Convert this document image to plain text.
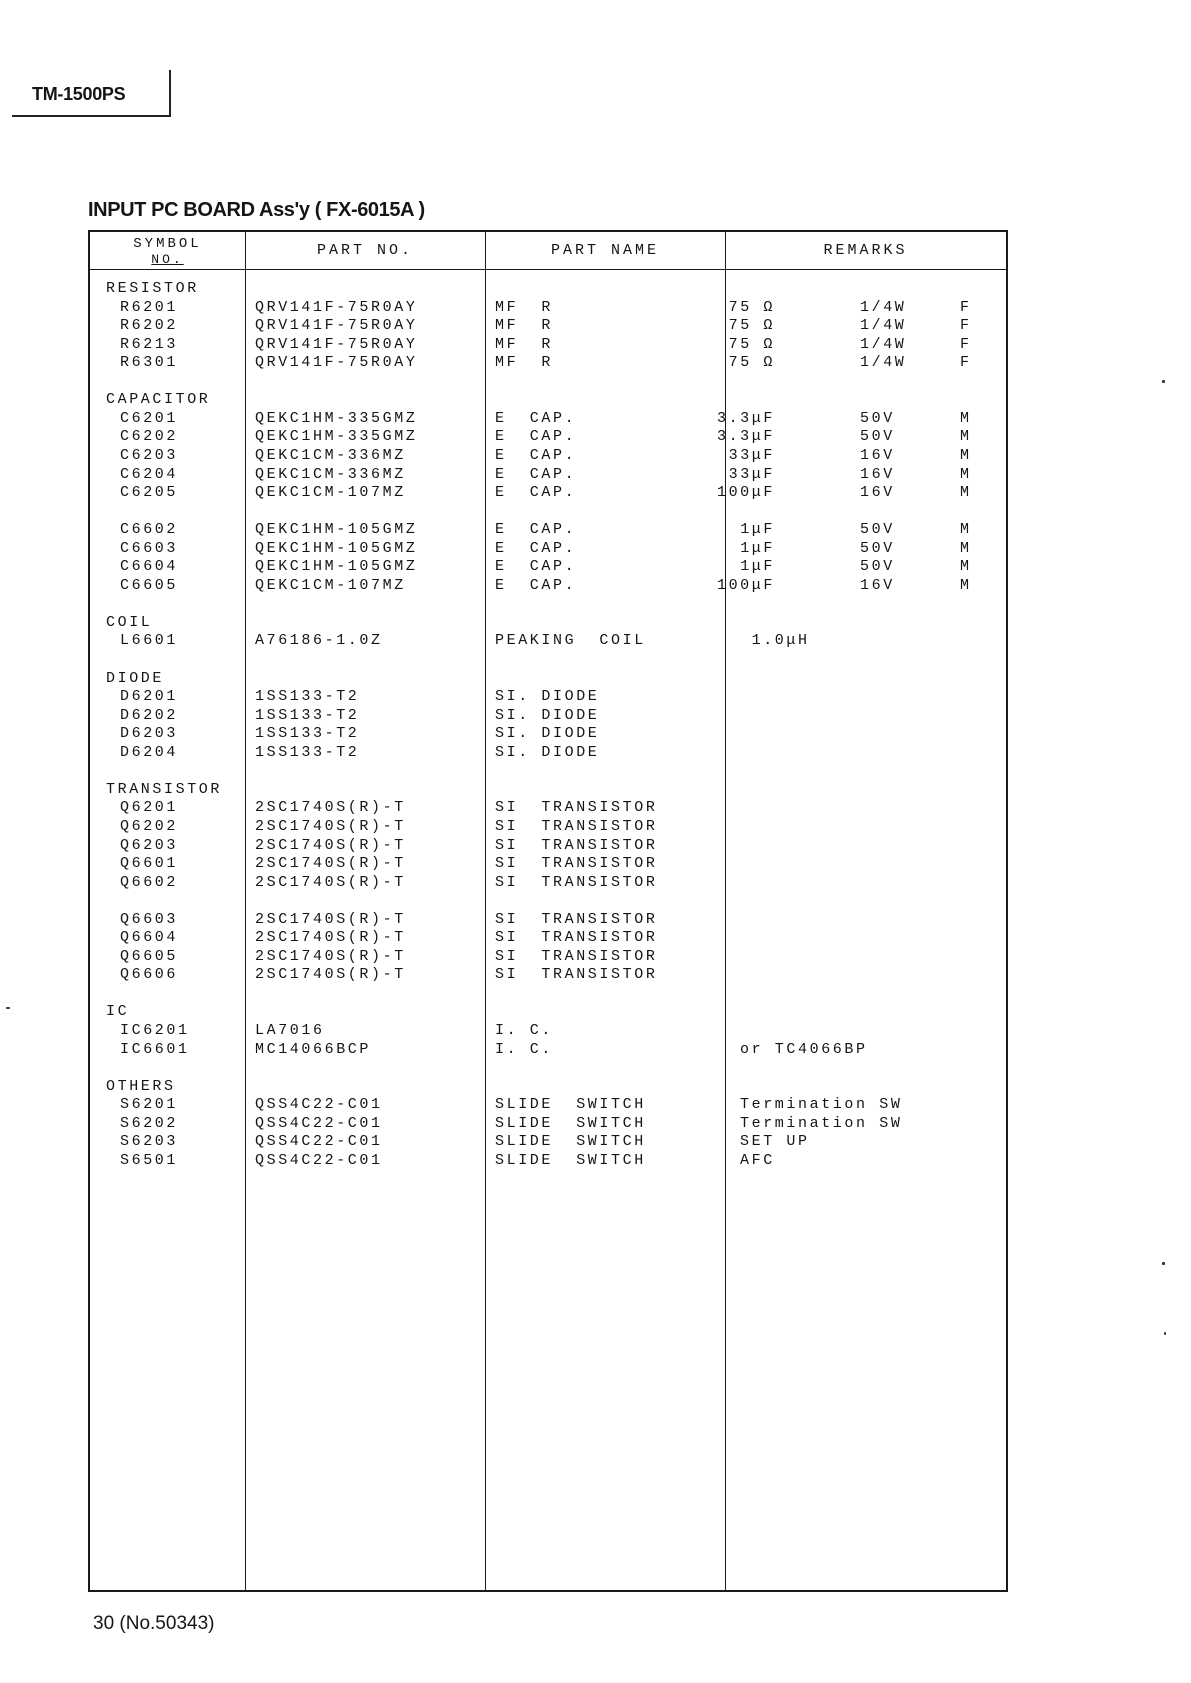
TM-1500PS
INPUT PC BOARD Ass'y ( FX-6015A )
SYMBOL
NO.	PART NO.	PART NAME	REMARKS
RESISTOR
R6201	QRV141F-75R0AY	MF  R	75 Ω	1/4W	F
R6202	QRV141F-75R0AY	MF  R	75 Ω	1/4W	F
R6213	QRV141F-75R0AY	MF  R	75 Ω	1/4W	F
R6301	QRV141F-75R0AY	MF  R	75 Ω	1/4W	F
CAPACITOR
C6201	QEKC1HM-335GMZ	E  CAP.	3.3μF	50V	M
C6202	QEKC1HM-335GMZ	E  CAP.	3.3μF	50V	M
C6203	QEKC1CM-336MZ	E  CAP.	33μF	16V	M
C6204	QEKC1CM-336MZ	E  CAP.	33μF	16V	M
C6205	QEKC1CM-107MZ	E  CAP.	100μF	16V	M
C6602	QEKC1HM-105GMZ	E  CAP.	1μF	50V	M
C6603	QEKC1HM-105GMZ	E  CAP.	1μF	50V	M
C6604	QEKC1HM-105GMZ	E  CAP.	1μF	50V	M
C6605	QEKC1CM-107MZ	E  CAP.	100μF	16V	M
COIL
L6601	A76186-1.0Z	PEAKING  COIL	1.0μH
DIODE
D6201	1SS133-T2	SI. DIODE
D6202	1SS133-T2	SI. DIODE
D6203	1SS133-T2	SI. DIODE
D6204	1SS133-T2	SI. DIODE
TRANSISTOR
Q6201	2SC1740S(R)-T	SI  TRANSISTOR
Q6202	2SC1740S(R)-T	SI  TRANSISTOR
Q6203	2SC1740S(R)-T	SI  TRANSISTOR
Q6601	2SC1740S(R)-T	SI  TRANSISTOR
Q6602	2SC1740S(R)-T	SI  TRANSISTOR
Q6603	2SC1740S(R)-T	SI  TRANSISTOR
Q6604	2SC1740S(R)-T	SI  TRANSISTOR
Q6605	2SC1740S(R)-T	SI  TRANSISTOR
Q6606	2SC1740S(R)-T	SI  TRANSISTOR
IC
IC6201	LA7016	I. C.
IC6601	MC14066BCP	I. C.	or TC4066BP
OTHERS
S6201	QSS4C22-C01	SLIDE  SWITCH	Termination SW
S6202	QSS4C22-C01	SLIDE  SWITCH	Termination SW
S6203	QSS4C22-C01	SLIDE  SWITCH	SET UP
S6501	QSS4C22-C01	SLIDE  SWITCH	AFC
30 (No.50343)
